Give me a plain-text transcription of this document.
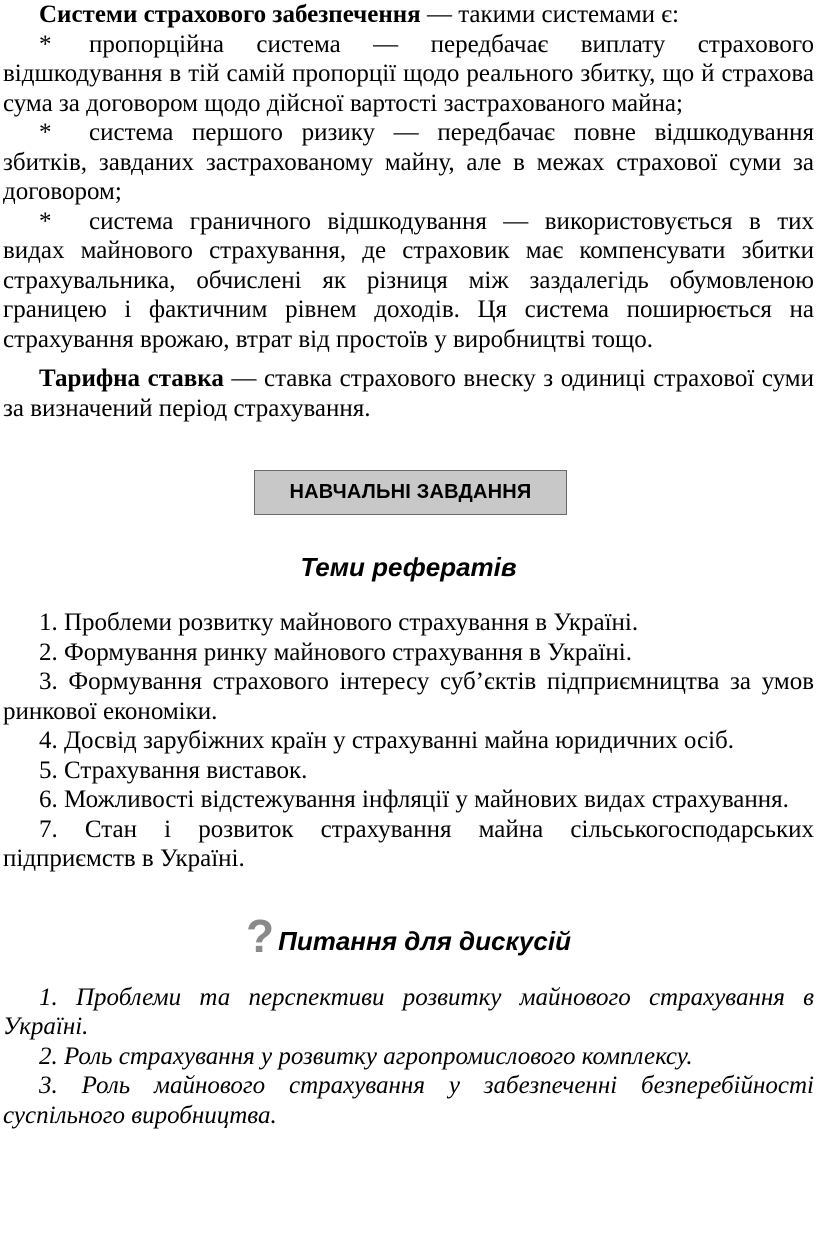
Системи страхового забезпечення — такими системами є:

* пропорційна система — передбачає виплату страхового відшкодування в тій самій пропорції щодо реального збитку, що й страхова сума за договором щодо дійсної вартості застрахованого майна;

* система першого ризику — передбачає повне відшкодування збитків, завданих застрахованому майну, але в межах страхової суми за договором;

* система граничного відшкодування — використовується в тих видах майнового страхування, де страховик має компенсувати збитки страхувальника, обчислені як різниця між заздалегідь обумовленою границею і фактичним рівнем доходів. Ця система поширюється на страхування врожаю, втрат від простоїв у виробництві тощо.

Тарифна ставка — ставка страхового внеску з одиниці страхової суми за визначений період страхування.

НАВЧАЛЬНІ ЗАВДАННЯ
Теми рефератів

1. Проблеми розвитку майнового страхування в Україні.

2. Формування ринку майнового страхування в Україні.

3. Формування страхового інтересу суб’єктів підприємництва за умов ринкової економіки.

4. Досвід зарубіжних країн у страхуванні майна юридичних осіб.

5. Страхування виставок.

6. Можливості відстежування інфляції у майнових видах страхування.

7. Стан і розвиток страхування майна сільськогосподарських підприємств в Україні.

? Питання для дискусій

1. Проблеми та перспективи розвитку майнового страхування в Україні.

2. Роль страхування у розвитку агропромислового комплексу.

3. Роль майнового страхування у забезпеченні безперебійності суспільного виробництва.
